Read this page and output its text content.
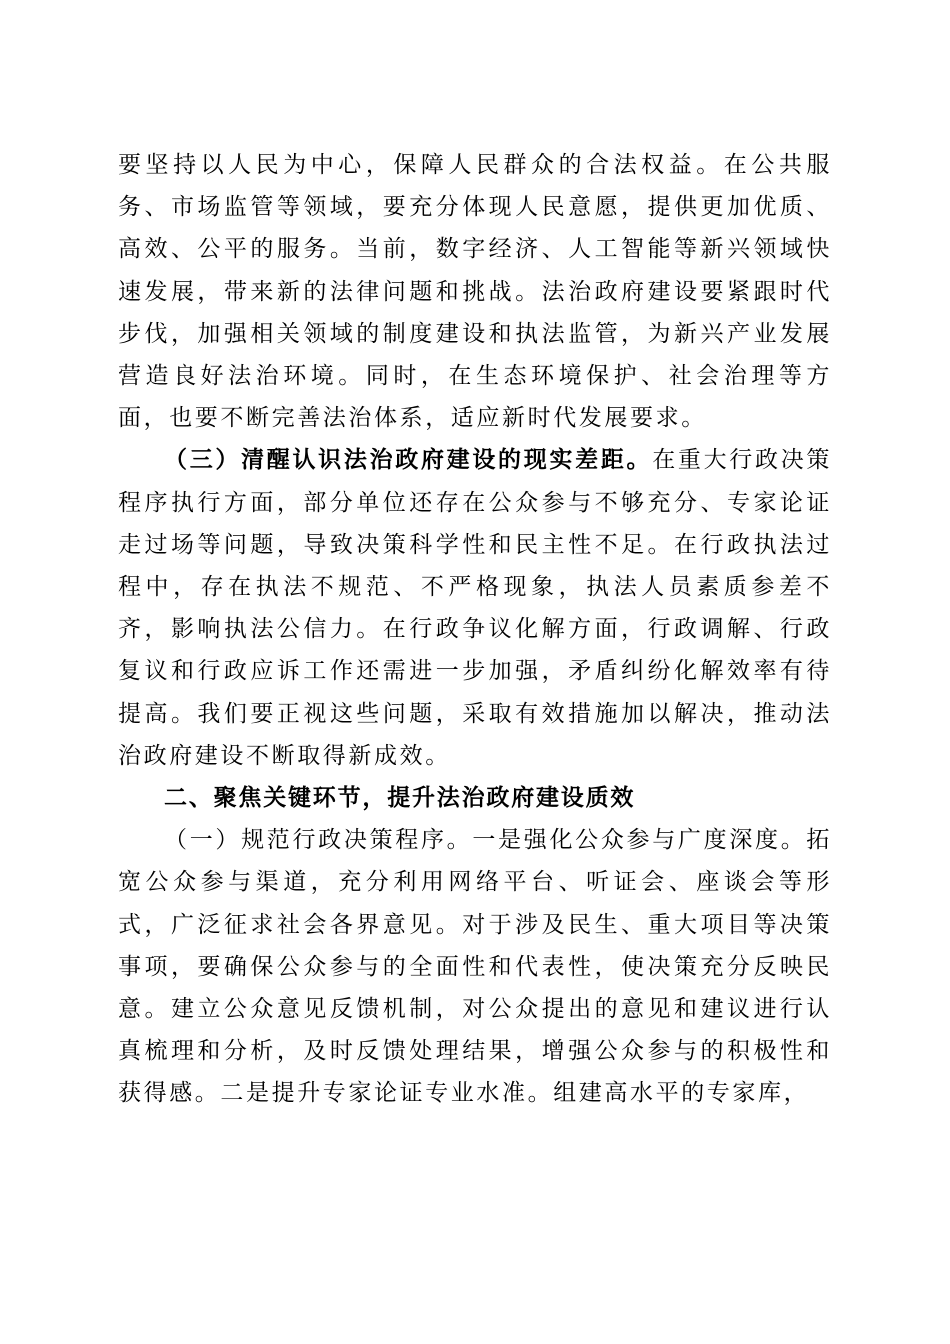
要坚持以人民为中心，保障人民群众的合法权益。在公共服务、市场监管等领域，要充分体现人民意愿，提供更加优质、高效、公平的服务。当前，数字经济、人工智能等新兴领域快速发展，带来新的法律问题和挑战。法治政府建设要紧跟时代步伐，加强相关领域的制度建设和执法监管，为新兴产业发展营造良好法治环境。同时，在生态环境保护、社会治理等方面，也要不断完善法治体系，适应新时代发展要求。

（三）清醒认识法治政府建设的现实差距。在重大行政决策程序执行方面，部分单位还存在公众参与不够充分、专家论证走过场等问题，导致决策科学性和民主性不足。在行政执法过程中，存在执法不规范、不严格现象，执法人员素质参差不齐，影响执法公信力。在行政争议化解方面，行政调解、行政复议和行政应诉工作还需进一步加强，矛盾纠纷化解效率有待提高。我们要正视这些问题，采取有效措施加以解决，推动法治政府建设不断取得新成效。

二、聚焦关键环节，提升法治政府建设质效

（一）规范行政决策程序。一是强化公众参与广度深度。拓宽公众参与渠道，充分利用网络平台、听证会、座谈会等形式，广泛征求社会各界意见。对于涉及民生、重大项目等决策事项，要确保公众参与的全面性和代表性，使决策充分反映民意。建立公众意见反馈机制，对公众提出的意见和建议进行认真梳理和分析，及时反馈处理结果，增强公众参与的积极性和获得感。二是提升专家论证专业水准。组建高水平的专家库，
